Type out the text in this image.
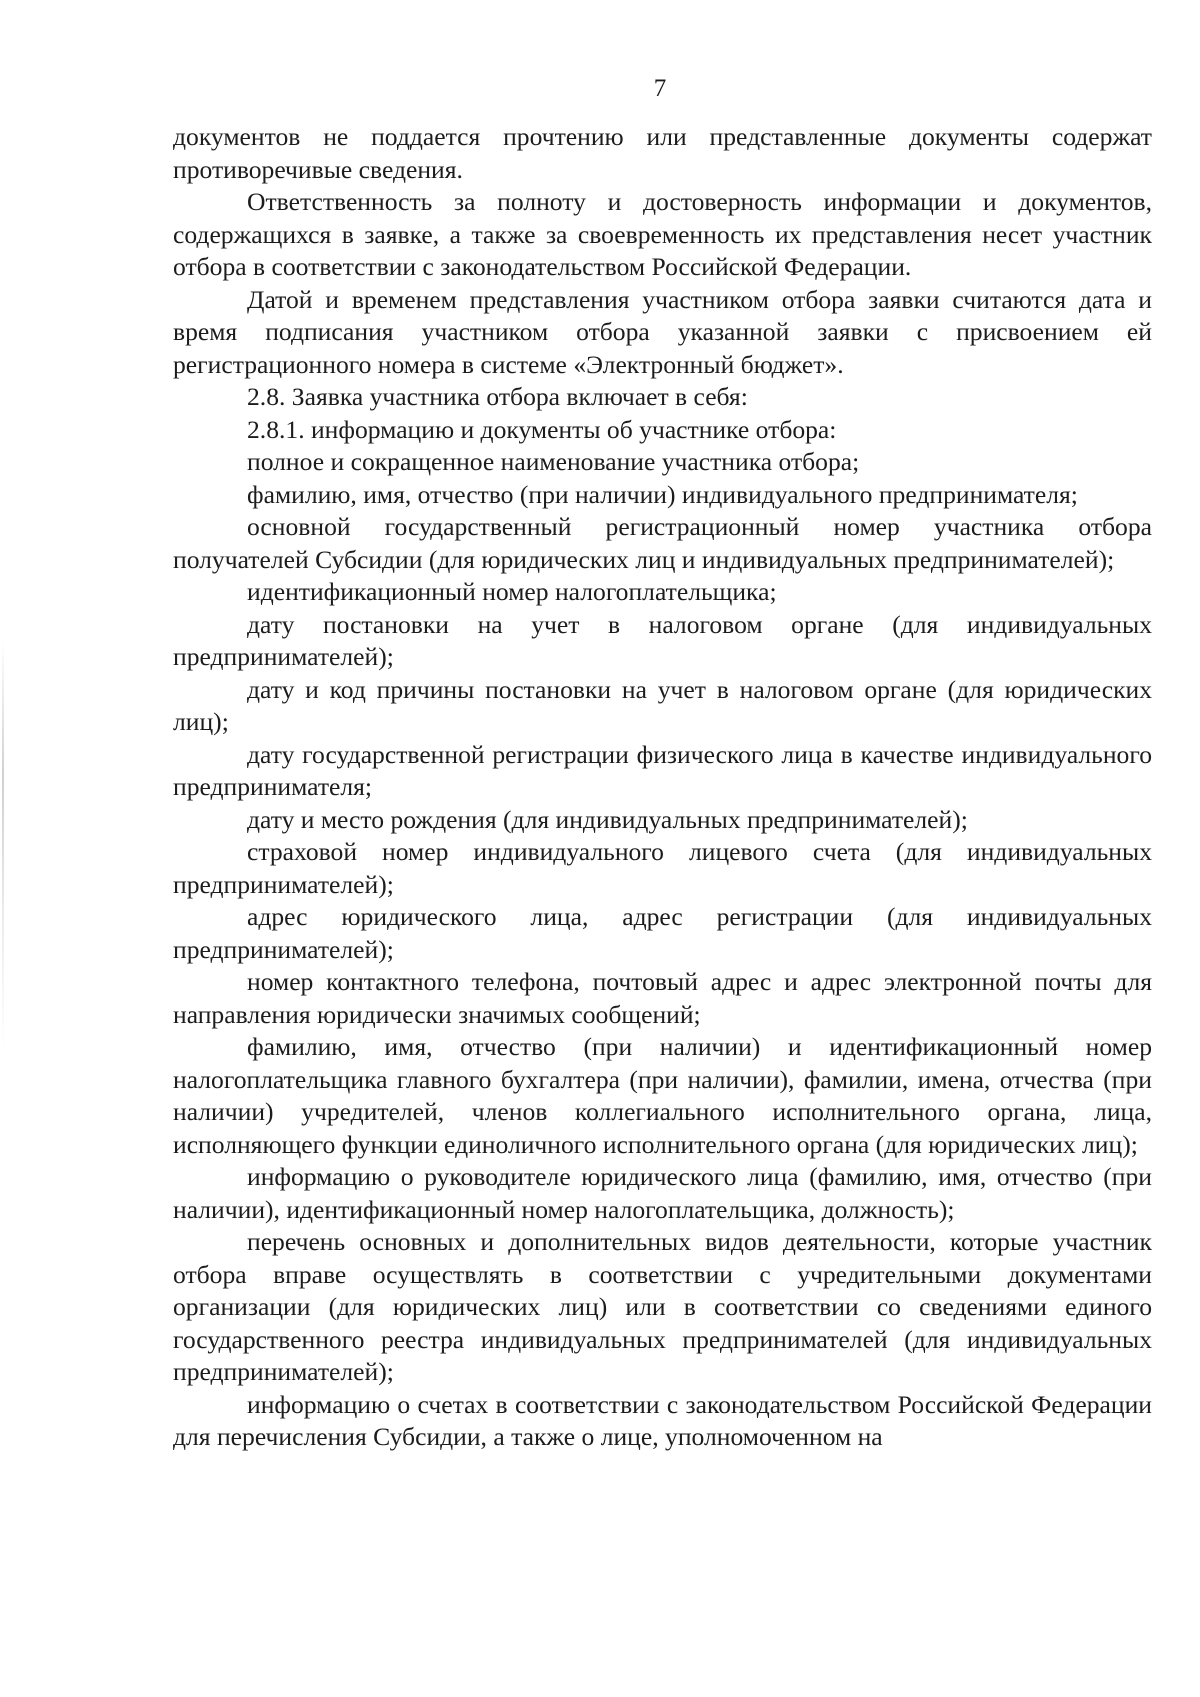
7

документов не поддается прочтению или представленные документы содержат противоречивые сведения.

Ответственность за полноту и достоверность информации и документов, содержащихся в заявке, а также за своевременность их представления несет участник отбора в соответствии с законодательством Российской Федерации.

Датой и временем представления участником отбора заявки считаются дата и время подписания участником отбора указанной заявки с присвоением ей регистрационного номера в системе «Электронный бюджет».

2.8. Заявка участника отбора включает в себя:

2.8.1. информацию и документы об участнике отбора:

полное и сокращенное наименование участника отбора;

фамилию, имя, отчество (при наличии) индивидуального предпринимателя;

основной государственный регистрационный номер участника отбора получателей Субсидии (для юридических лиц и индивидуальных предпринимателей);

идентификационный номер налогоплательщика;

дату постановки на учет в налоговом органе (для индивидуальных предпринимателей);

дату и код причины постановки на учет в налоговом органе (для юридических лиц);

дату государственной регистрации физического лица в качестве индивидуального предпринимателя;

дату и место рождения (для индивидуальных предпринимателей);

страховой номер индивидуального лицевого счета (для индивидуальных предпринимателей);

адрес юридического лица, адрес регистрации (для индивидуальных предпринимателей);

номер контактного телефона, почтовый адрес и адрес электронной почты для направления юридически значимых сообщений;

фамилию, имя, отчество (при наличии) и идентификационный номер налогоплательщика главного бухгалтера (при наличии), фамилии, имена, отчества (при наличии) учредителей, членов коллегиального исполнительного органа, лица, исполняющего функции единоличного исполнительного органа (для юридических лиц);

информацию о руководителе юридического лица (фамилию, имя, отчество (при наличии), идентификационный номер налогоплательщика, должность);

перечень основных и дополнительных видов деятельности, которые участник отбора вправе осуществлять в соответствии с учредительными документами организации (для юридических лиц) или в соответствии со сведениями единого государственного реестра индивидуальных предпринимателей (для индивидуальных предпринимателей);

информацию о счетах в соответствии с законодательством Российской Федерации для перечисления Субсидии, а также о лице, уполномоченном на
